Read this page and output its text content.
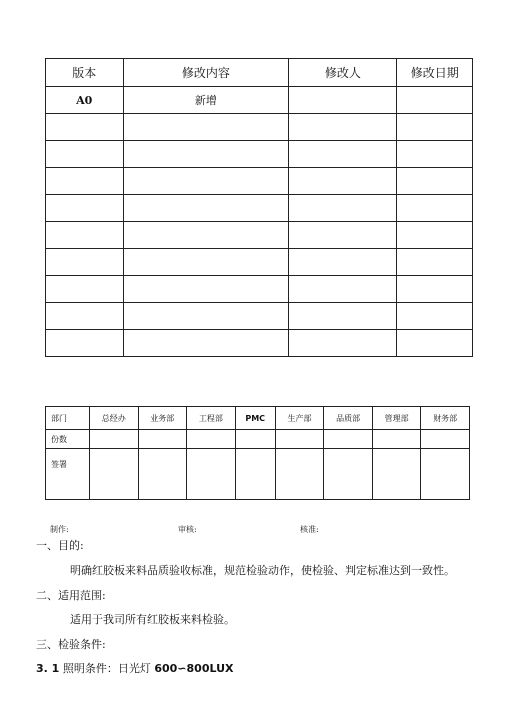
版本	修改内容	修改人	修改日期
A0	新增		

部门	总经办	业务部	工程部	PMC	生产部	品质部	管理部	财务部
份数								
签署								
制作:	审核:	核准:
一、目的:
明确红胶板来料品质验收标准，规范检验动作，使检验、判定标准达到一致性。
二、适用范围:
适用于我司所有红胶板来料检验。
三、检验条件:
3. 1 照明条件：日光灯 600∽800LUX
